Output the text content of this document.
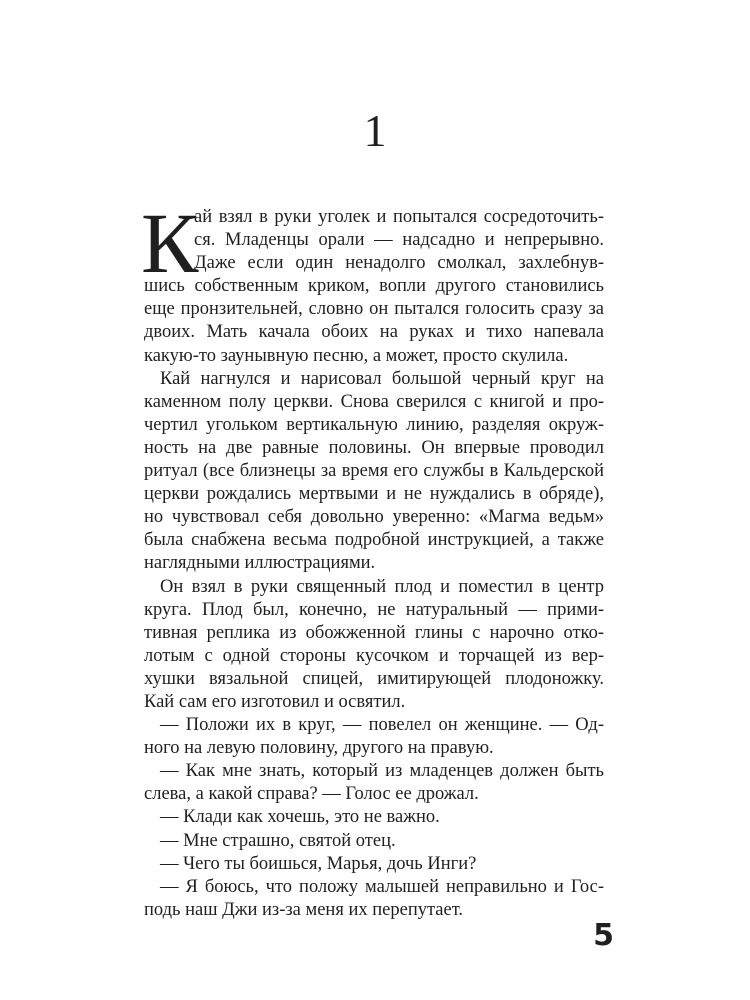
1
К
ай взял в руки уголек и попытался сосредоточить-
ся. Младенцы орали — надсадно и непрерывно.
Даже если один ненадолго смолкал, захлебнув-
шись собственным криком, вопли другого становились
еще пронзительней, словно он пытался голосить сразу за
двоих. Мать качала обоих на руках и тихо напевала
какую-то заунывную песню, а может, просто скулила.
Кай нагнулся и нарисовал большой черный круг на
каменном полу церкви. Снова сверился с книгой и про-
чертил угольком вертикальную линию, разделяя окруж-
ность на две равные половины. Он впервые проводил
ритуал (все близнецы за время его службы в Кальдерской
церкви рождались мертвыми и не нуждались в обряде),
но чувствовал себя довольно уверенно: «Магма ведьм»
была снабжена весьма подробной инструкцией, а также
наглядными иллюстрациями.
Он взял в руки священный плод и поместил в центр
круга. Плод был, конечно, не натуральный — прими-
тивная реплика из обожженной глины с нарочно отко-
лотым с одной стороны кусочком и торчащей из вер-
хушки вязальной спицей, имитирующей плодоножку.
Кай сам его изготовил и освятил.
— Положи их в круг, — повелел он женщине. — Од-
ного на левую половину, другого на правую.
— Как мне знать, который из младенцев должен быть
слева, а какой справа? — Голос ее дрожал.
— Клади как хочешь, это не важно.
— Мне страшно, святой отец.
— Чего ты боишься, Марья, дочь Инги?
— Я боюсь, что положу малышей неправильно и Гос-
подь наш Джи из-за меня их перепутает.
5
